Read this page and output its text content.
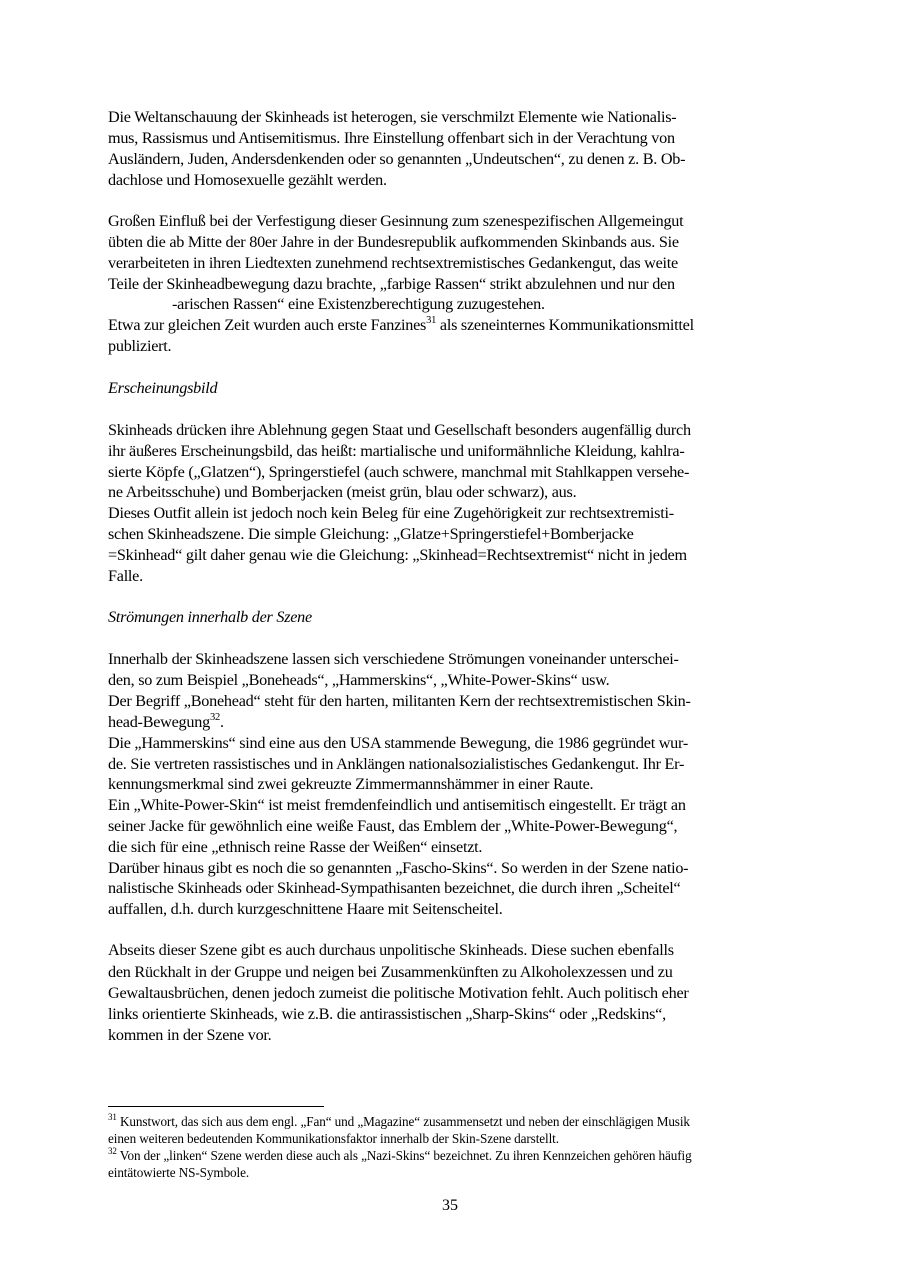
Die Weltanschauung der Skinheads ist heterogen, sie verschmilzt Elemente wie Nationalis-
mus, Rassismus und Antisemitismus. Ihre Einstellung offenbart sich in der Verachtung von
Ausländern, Juden, Andersdenkenden oder so genannten „Undeutschen“, zu denen z. B. Ob-
dachlose und Homosexuelle gezählt werden.
Großen Einfluß bei der Verfestigung dieser Gesinnung zum szenespezifischen Allgemeingut
übten die ab Mitte der 80er Jahre in der Bundesrepublik aufkommenden Skinbands aus. Sie
verarbeiteten in ihren Liedtexten zunehmend rechtsextremistisches Gedankengut, das weite
Teile der Skinheadbewegung dazu brachte, „farbige Rassen“ strikt abzulehnen und nur den
-arischen Rassen“ eine Existenzberechtigung zuzugestehen.
Etwa zur gleichen Zeit wurden auch erste Fanzines$^{31}$ als szeneinternes Kommunikationsmittel
publiziert.
Erscheinungsbild
Skinheads drücken ihre Ablehnung gegen Staat und Gesellschaft besonders augenfällig durch
ihr äußeres Erscheinungsbild, das heißt: martialische und uniformähnliche Kleidung, kahlra-
sierte Köpfe („Glatzen“), Springerstiefel (auch schwere, manchmal mit Stahlkappen versehe-
ne Arbeitsschuhe) und Bomberjacken (meist grün, blau oder schwarz), aus.
Dieses Outfit allein ist jedoch noch kein Beleg für eine Zugehörigkeit zur rechtsextremisti-
schen Skinheadszene. Die simple Gleichung: „Glatze+Springerstiefel+Bomberjacke
=Skinhead“ gilt daher genau wie die Gleichung: „Skinhead=Rechtsextremist“ nicht in jedem
Falle.
Strömungen innerhalb der Szene
Innerhalb der Skinheadszene lassen sich verschiedene Strömungen voneinander unterschei-
den, so zum Beispiel „Boneheads“, „Hammerskins“, „White-Power-Skins“ usw.
Der Begriff „Bonehead“ steht für den harten, militanten Kern der rechtsextremistischen Skin-
head-Bewegung$^{32}$.
Die „Hammerskins“ sind eine aus den USA stammende Bewegung, die 1986 gegründet wur-
de. Sie vertreten rassistisches und in Anklängen nationalsozialistisches Gedankengut. Ihr Er-
kennungsmerkmal sind zwei gekreuzte Zimmermannshämmer in einer Raute.
Ein „White-Power-Skin“ ist meist fremdenfeindlich und antisemitisch eingestellt. Er trägt an
seiner Jacke für gewöhnlich eine weiße Faust, das Emblem der „White-Power-Bewegung“,
die sich für eine „ethnisch reine Rasse der Weißen“ einsetzt.
Darüber hinaus gibt es noch die so genannten „Fascho-Skins“. So werden in der Szene natio-
nalistische Skinheads oder Skinhead-Sympathisanten bezeichnet, die durch ihren „Scheitel“
auffallen, d.h. durch kurzgeschnittene Haare mit Seitenscheitel.
Abseits dieser Szene gibt es auch durchaus unpolitische Skinheads. Diese suchen ebenfalls
den Rückhalt in der Gruppe und neigen bei Zusammenkünften zu Alkoholexzessen und zu
Gewaltausbrüchen, denen jedoch zumeist die politische Motivation fehlt. Auch politisch eher
links orientierte Skinheads, wie z.B. die antirassistischen „Sharp-Skins“ oder „Redskins“,
kommen in der Szene vor.
$^{31}$ Kunstwort, das sich aus dem engl. „Fan“ und „Magazine“ zusammensetzt und neben der einschlägigen Musik
einen weiteren bedeutenden Kommunikationsfaktor innerhalb der Skin-Szene darstellt.
$^{32}$ Von der „linken“ Szene werden diese auch als „Nazi-Skins“ bezeichnet. Zu ihren Kennzeichen gehören häufig
eintätowierte NS-Symbole.
35
